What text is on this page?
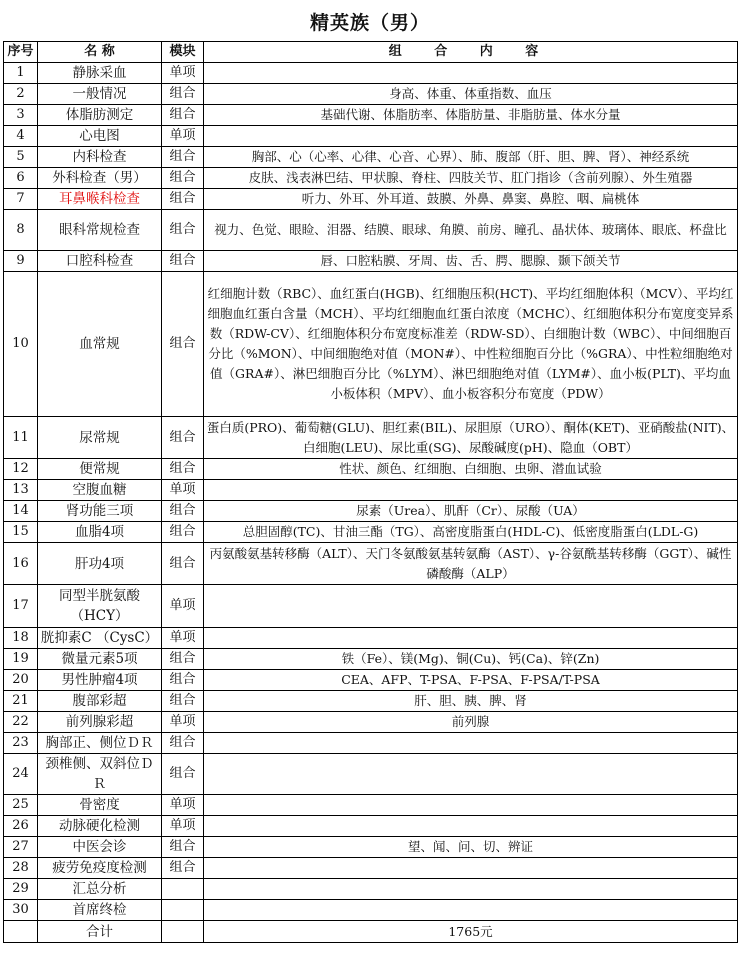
精英族（男）
序号	名 称	模块	组 合 内 容
1	静脉采血	单项	
2	一般情况	组合	身高、体重、体重指数、血压
3	体脂肪测定	组合	基础代谢、体脂肪率、体脂肪量、非脂肪量、体水分量
4	心电图	单项	
5	内科检查	组合	胸部、心（心率、心律、心音、心界）、肺、腹部（肝、胆、脾、肾）、神经系统
6	外科检查（男）	组合	皮肤、浅表淋巴结、甲状腺、脊柱、四肢关节、肛门指诊（含前列腺）、外生殖器
7	耳鼻喉科检查	组合	听力、外耳、外耳道、鼓膜、外鼻、鼻窦、鼻腔、咽、扁桃体
8	眼科常规检查	组合	视力、色觉、眼睑、泪器、结膜、眼球、角膜、前房、瞳孔、晶状体、玻璃体、眼底、杯盘比
9	口腔科检查	组合	唇、口腔粘膜、牙周、齿、舌、腭、腮腺、颞下颌关节
10	血常规	组合	红细胞计数（RBC）、血红蛋白(HGB)、红细胞压积(HCT)、平均红细胞体积（MCV）、平均红细胞血红蛋白含量（MCH）、平均红细胞血红蛋白浓度（MCHC）、红细胞体积分布宽度变异系数（RDW-CV）、红细胞体积分布宽度标准差（RDW-SD）、白细胞计数（WBC）、中间细胞百分比（%MON）、中间细胞绝对值（MON#）、中性粒细胞百分比（%GRA）、中性粒细胞绝对值（GRA#）、淋巴细胞百分比（%LYM）、淋巴细胞绝对值（LYM#）、血小板(PLT)、平均血小板体积（MPV）、血小板容积分布宽度（PDW）
11	尿常规	组合	蛋白质(PRO)、葡萄糖(GLU)、胆红素(BIL)、尿胆原（URO）、酮体(KET)、亚硝酸盐(NIT)、白细胞(LEU)、尿比重(SG)、尿酸碱度(pH)、隐血（OBT）
12	便常规	组合	性状、颜色、红细胞、白细胞、虫卵、潜血试验
13	空腹血糖	单项	
14	肾功能三项	组合	尿素（Urea）、肌酐（Cr）、尿酸（UA）
15	血脂4项	组合	总胆固醇(TC)、甘油三酯（TG）、高密度脂蛋白(HDL-C)、低密度脂蛋白(LDL-G)
16	肝功4项	组合	丙氨酸氨基转移酶（ALT）、天门冬氨酸氨基转氨酶（AST）、γ-谷氨酰基转移酶（GGT）、碱性磷酸酶（ALP）
17	同型半胱氨酸（HCY）	单项	
18	胱抑素C （CysC）	单项	
19	微量元素5项	组合	铁（Fe）、镁(Mg)、铜(Cu)、钙(Ca)、锌(Zn)
20	男性肿瘤4项	组合	CEA、AFP、T-PSA、F-PSA、F-PSA/T-PSA
21	腹部彩超	组合	肝、胆、胰、脾、肾
22	前列腺彩超	单项	前列腺
23	胸部正、侧位ＤＲ	组合	
24	颈椎侧、双斜位ＤＲ	组合	
25	骨密度	单项	
26	动脉硬化检测	单项	
27	中医会诊	组合	望、闻、问、切、辨证
28	疲劳免疫度检测	组合	
29	汇总分析		
30	首席终检		
	合计		1765元
